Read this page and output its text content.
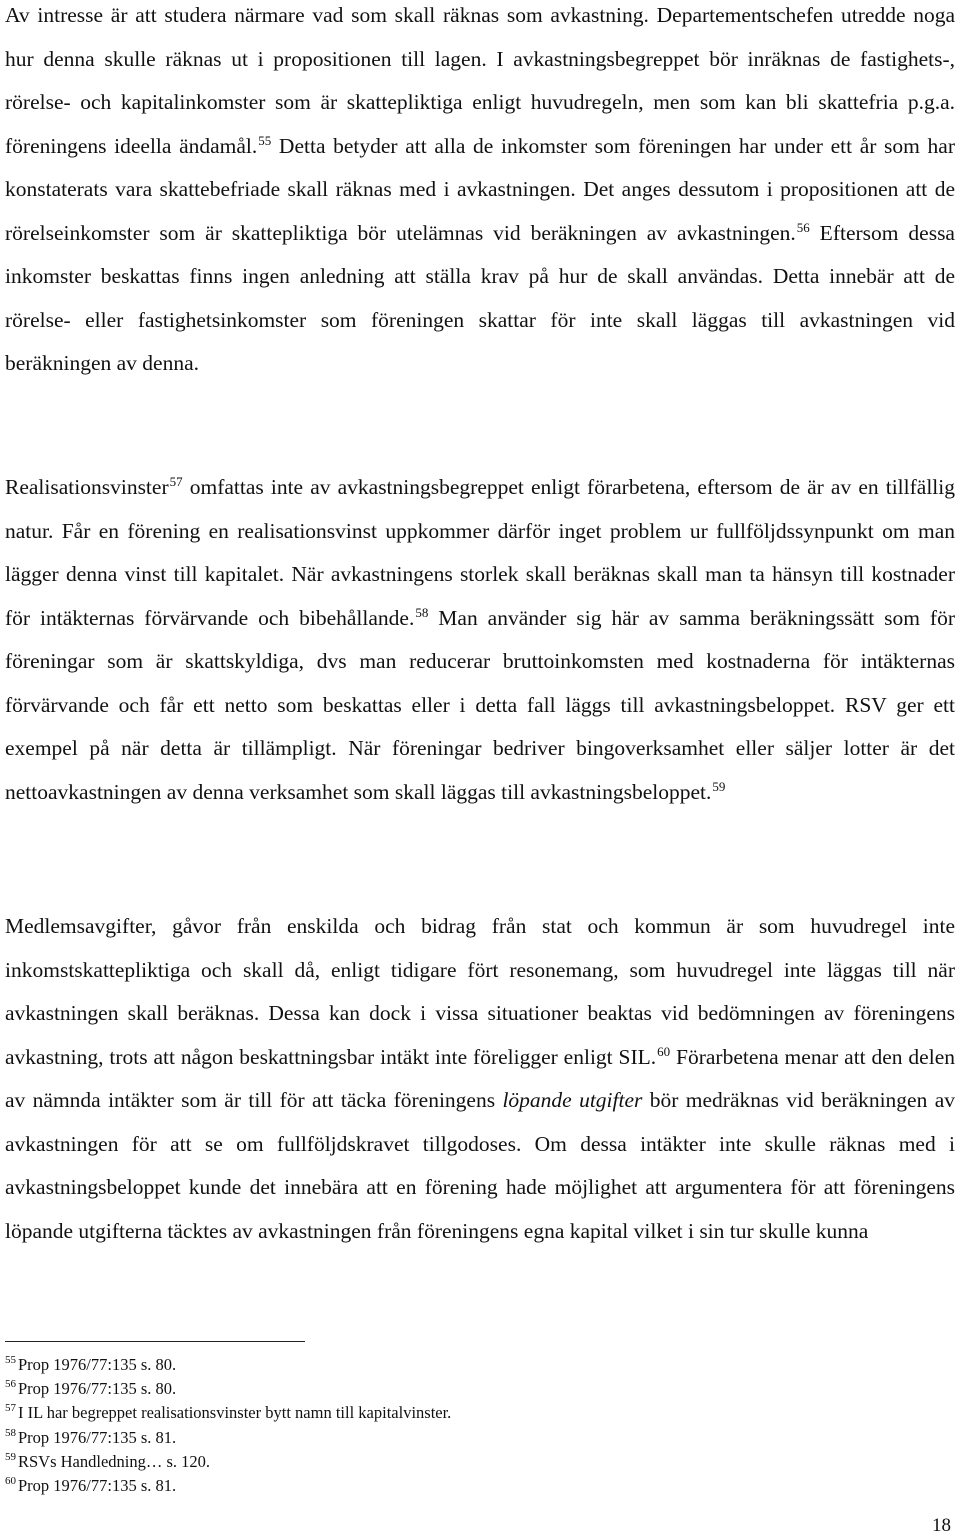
Av intresse är att studera närmare vad som skall räknas som avkastning. Departementschefen utredde noga hur denna skulle räknas ut i propositionen till lagen. I avkastningsbegreppet bör inräknas de fastighets-, rörelse- och kapitalinkomster som är skattepliktiga enligt huvudregeln, men som kan bli skattefria p.g.a. föreningens ideella ändamål.$^{55}$ Detta betyder att alla de inkomster som föreningen har under ett år som har konstaterats vara skattebefriade skall räknas med i avkastningen. Det anges dessutom i propositionen att de rörelseinkomster som är skattepliktiga bör utelämnas vid beräkningen av avkastningen.$^{56}$ Eftersom dessa inkomster beskattas finns ingen anledning att ställa krav på hur de skall användas. Detta innebär att de rörelse- eller fastighetsinkomster som föreningen skattar för inte skall läggas till avkastningen vid beräkningen av denna.

Realisationsvinster$^{57}$ omfattas inte av avkastningsbegreppet enligt förarbetena, eftersom de är av en tillfällig natur. Får en förening en realisationsvinst uppkommer därför inget problem ur fullföljdssynpunkt om man lägger denna vinst till kapitalet. När avkastningens storlek skall beräknas skall man ta hänsyn till kostnader för intäkternas förvärvande och bibehållande.$^{58}$ Man använder sig här av samma beräkningssätt som för föreningar som är skattskyldiga, dvs man reducerar bruttoinkomsten med kostnaderna för intäkternas förvärvande och får ett netto som beskattas eller i detta fall läggs till avkastningsbeloppet. RSV ger ett exempel på när detta är tillämpligt. När föreningar bedriver bingoverksamhet eller säljer lotter är det nettoavkastningen av denna verksamhet som skall läggas till avkastningsbeloppet.$^{59}$

Medlemsavgifter, gåvor från enskilda och bidrag från stat och kommun är som huvudregel inte inkomstskattepliktiga och skall då, enligt tidigare fört resonemang, som huvudregel inte läggas till när avkastningen skall beräknas. Dessa kan dock i vissa situationer beaktas vid bedömningen av föreningens avkastning, trots att någon beskattningsbar intäkt inte föreligger enligt SIL.$^{60}$ Förarbetena menar att den delen av nämnda intäkter som är till för att täcka föreningens löpande utgifter bör medräknas vid beräkningen av avkastningen för att se om fullföljdskravet tillgodoses. Om dessa intäkter inte skulle räknas med i avkastningsbeloppet kunde det innebära att en förening hade möjlighet att argumentera för att föreningens löpande utgifterna täcktes av avkastningen från föreningens egna kapital vilket i sin tur skulle kunna

$^{55}$ Prop 1976/77:135 s. 80.
$^{56}$ Prop 1976/77:135 s. 80.
$^{57}$ I IL har begreppet realisationsvinster bytt namn till kapitalvinster.
$^{58}$ Prop 1976/77:135 s. 81.
$^{59}$ RSVs Handledning… s. 120.
$^{60}$ Prop 1976/77:135 s. 81.
18
